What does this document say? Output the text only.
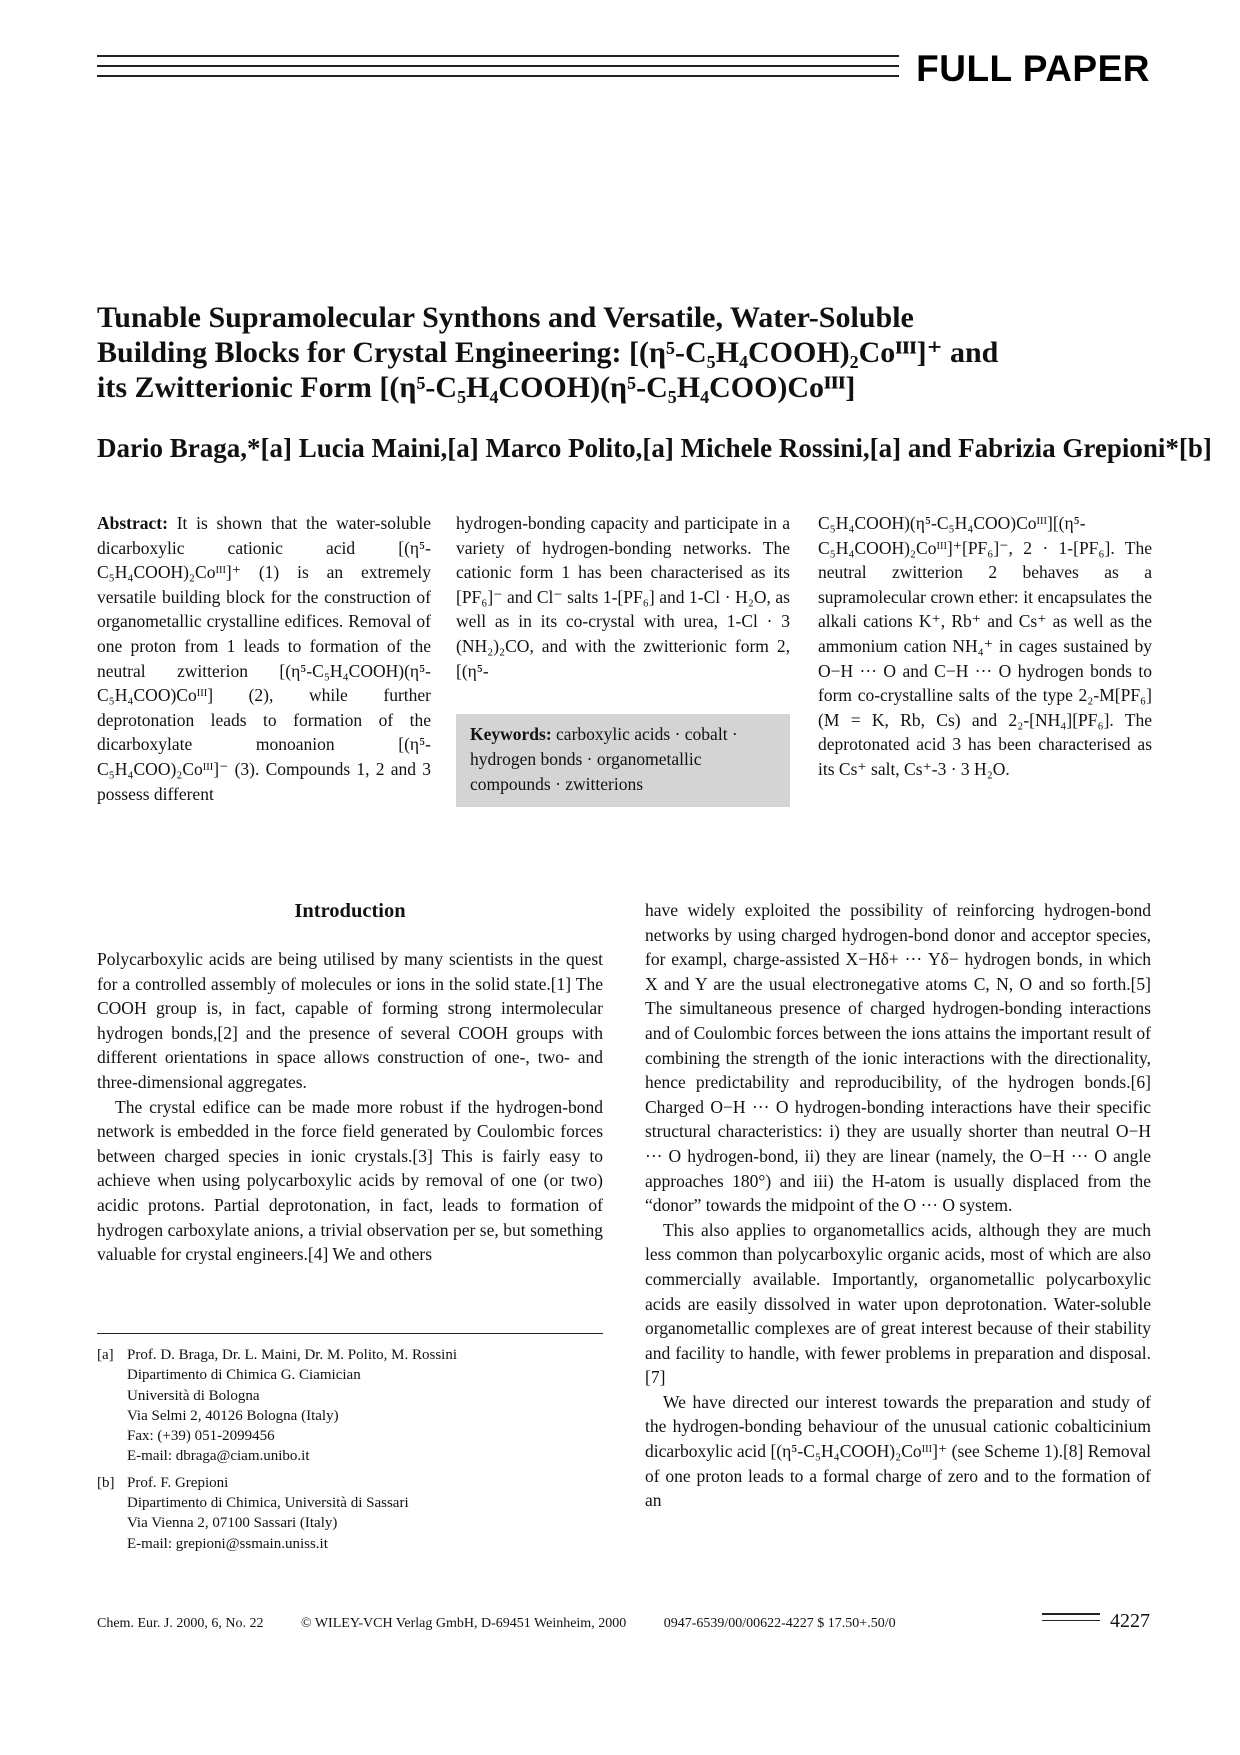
FULL PAPER
Tunable Supramolecular Synthons and Versatile, Water-Soluble
Building Blocks for Crystal Engineering: [(η⁵-C₅H₄COOH)₂Coᴵᴵᴵ]⁺ and
its Zwitterionic Form [(η⁵-C₅H₄COOH)(η⁵-C₅H₄COO)Coᴵᴵᴵ]

Dario Braga,*[a] Lucia Maini,[a] Marco Polito,[a] Michele Rossini,[a] and Fabrizia Grepioni*[b]

Abstract: It is shown that the water-soluble dicarboxylic cationic acid [(η⁵-C₅H₄COOH)₂Coᴵᴵᴵ]⁺ (1) is an extremely versatile building block for the construction of organometallic crystalline edifices. Removal of one proton from 1 leads to formation of the neutral zwitterion [(η⁵-C₅H₄COOH)(η⁵-C₅H₄COO)Coᴵᴵᴵ] (2), while further deprotonation leads to formation of the dicarboxylate monoanion [(η⁵-C₅H₄COO)₂Coᴵᴵᴵ]⁻ (3). Compounds 1, 2 and 3 possess different

hydrogen-bonding capacity and participate in a variety of hydrogen-bonding networks. The cationic form 1 has been characterised as its [PF₆]⁻ and Cl⁻ salts 1-[PF₆] and 1-Cl · H₂O, as well as in its co-crystal with urea, 1-Cl · 3 (NH₂)₂CO, and with the zwitterionic form 2, [(η⁵-

Keywords: carboxylic acids · cobalt · hydrogen bonds · organometallic compounds · zwitterions

C₅H₄COOH)(η⁵-C₅H₄COO)Coᴵᴵᴵ][(η⁵-C₅H₄COOH)₂Coᴵᴵᴵ]⁺[PF₆]⁻, 2 · 1-[PF₆]. The neutral zwitterion 2 behaves as a supramolecular crown ether: it encapsulates the alkali cations K⁺, Rb⁺ and Cs⁺ as well as the ammonium cation NH₄⁺ in cages sustained by O−H ··· O and C−H ··· O hydrogen bonds to form co-crystalline salts of the type 2₂-M[PF₆] (M = K, Rb, Cs) and 2₂-[NH₄][PF₆]. The deprotonated acid 3 has been characterised as its Cs⁺ salt, Cs⁺-3 · 3 H₂O.

Introduction

Polycarboxylic acids are being utilised by many scientists in the quest for a controlled assembly of molecules or ions in the solid state.[1] The COOH group is, in fact, capable of forming strong intermolecular hydrogen bonds,[2] and the presence of several COOH groups with different orientations in space allows construction of one-, two- and three-dimensional aggregates.

The crystal edifice can be made more robust if the hydrogen-bond network is embedded in the force field generated by Coulombic forces between charged species in ionic crystals.[3] This is fairly easy to achieve when using polycarboxylic acids by removal of one (or two) acidic protons. Partial deprotonation, in fact, leads to formation of hydrogen carboxylate anions, a trivial observation per se, but something valuable for crystal engineers.[4] We and others

[a] Prof. D. Braga, Dr. L. Maini, Dr. M. Polito, M. Rossini
Dipartimento di Chimica G. Ciamician
Università di Bologna
Via Selmi 2, 40126 Bologna (Italy)
Fax: (+39) 051-2099456
E-mail: dbraga@ciam.unibo.it
[b] Prof. F. Grepioni
Dipartimento di Chimica, Università di Sassari
Via Vienna 2, 07100 Sassari (Italy)
E-mail: grepioni@ssmain.uniss.it

have widely exploited the possibility of reinforcing hydrogen-bond networks by using charged hydrogen-bond donor and acceptor species, for exampl, charge-assisted X−Hδ+ ··· Yδ− hydrogen bonds, in which X and Y are the usual electronegative atoms C, N, O and so forth.[5] The simultaneous presence of charged hydrogen-bonding interactions and of Coulombic forces between the ions attains the important result of combining the strength of the ionic interactions with the directionality, hence predictability and reproducibility, of the hydrogen bonds.[6] Charged O−H ··· O hydrogen-bonding interactions have their specific structural characteristics: i) they are usually shorter than neutral O−H ··· O hydrogen-bond, ii) they are linear (namely, the O−H ··· O angle approaches 180°) and iii) the H-atom is usually displaced from the “donor” towards the midpoint of the O ··· O system.

This also applies to organometallics acids, although they are much less common than polycarboxylic organic acids, most of which are also commercially available. Importantly, organometallic polycarboxylic acids are easily dissolved in water upon deprotonation. Water-soluble organometallic complexes are of great interest because of their stability and facility to handle, with fewer problems in preparation and disposal.[7]

We have directed our interest towards the preparation and study of the hydrogen-bonding behaviour of the unusual cationic cobalticinium dicarboxylic acid [(η⁵-C₅H₄COOH)₂Coᴵᴵᴵ]⁺ (see Scheme 1).[8] Removal of one proton leads to a formal charge of zero and to the formation of an

Chem. Eur. J. 2000, 6, No. 22	© WILEY-VCH Verlag GmbH, D-69451 Weinheim, 2000	0947-6539/00/00622-4227 $ 17.50+.50/0	4227
